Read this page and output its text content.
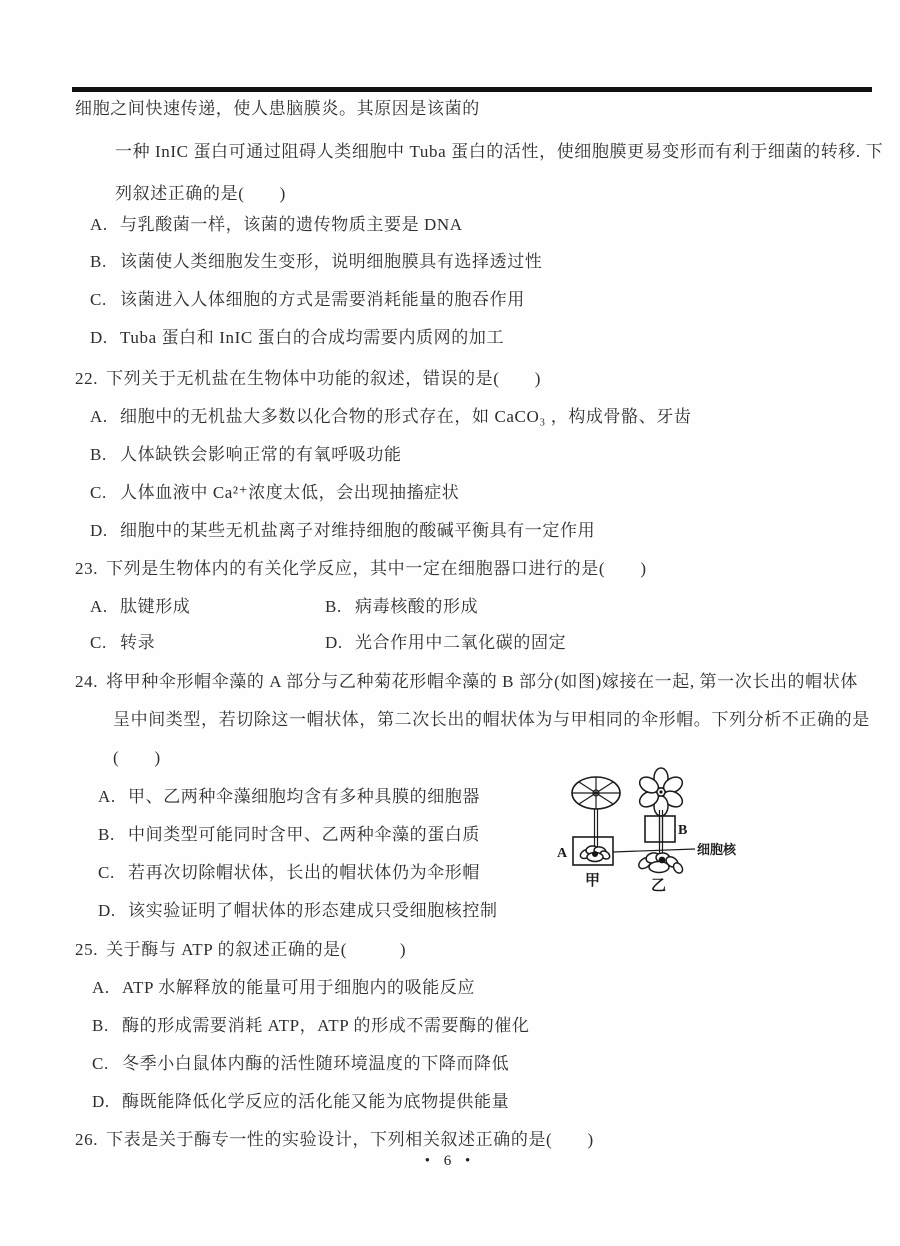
细胞之间快速传递，使人患脑膜炎。其原因是该菌的
一种 InIC 蛋白可通过阻碍人类细胞中 Tuba 蛋白的活性，使细胞膜更易变形而有利于细菌的转移. 下
列叙述正确的是(　　)
A. 与乳酸菌一样，该菌的遗传物质主要是 DNA
B. 该菌使人类细胞发生变形，说明细胞膜具有选择透过性
C. 该菌进入人体细胞的方式是需要消耗能量的胞吞作用
D. Tuba 蛋白和 InIC 蛋白的合成均需要内质网的加工
22. 下列关于无机盐在生物体中功能的叙述，错误的是(　　)
A. 细胞中的无机盐大多数以化合物的形式存在，如 CaCO₃ ，构成骨骼、牙齿
B. 人体缺铁会影响正常的有氧呼吸功能
C. 人体血液中 Ca²⁺浓度太低，会出现抽搐症状
D. 细胞中的某些无机盐离子对维持细胞的酸碱平衡具有一定作用
23. 下列是生物体内的有关化学反应，其中一定在细胞器口进行的是(　　)
A. 肽键形成	B. 病毒核酸的形成
C. 转录	D. 光合作用中二氧化碳的固定
24. 将甲种伞形帽伞藻的 A 部分与乙种菊花形帽伞藻的 B 部分(如图)嫁接在一起, 第一次长出的帽状体
呈中间类型，若切除这一帽状体，第二次长出的帽状体为与甲相同的伞形帽。下列分析不正确的是
(　　)
A. 甲、乙两种伞藻细胞均含有多种具膜的细胞器
B. 中间类型可能同时含甲、乙两种伞藻的蛋白质
C. 若再次切除帽状体，长出的帽状体仍为伞形帽
D. 该实验证明了帽状体的形态建成只受细胞核控制
A
B
甲	乙
细胞核
25. 关于酶与 ATP 的叙述正确的是(　　　)
A. ATP 水解释放的能量可用于细胞内的吸能反应
B. 酶的形成需要消耗 ATP，ATP 的形成不需要酶的催化
C. 冬季小白鼠体内酶的活性随环境温度的下降而降低
D. 酶既能降低化学反应的活化能又能为底物提供能量
26. 下表是关于酶专一性的实验设计，下列相关叙述正确的是(　　)
• 6 •
